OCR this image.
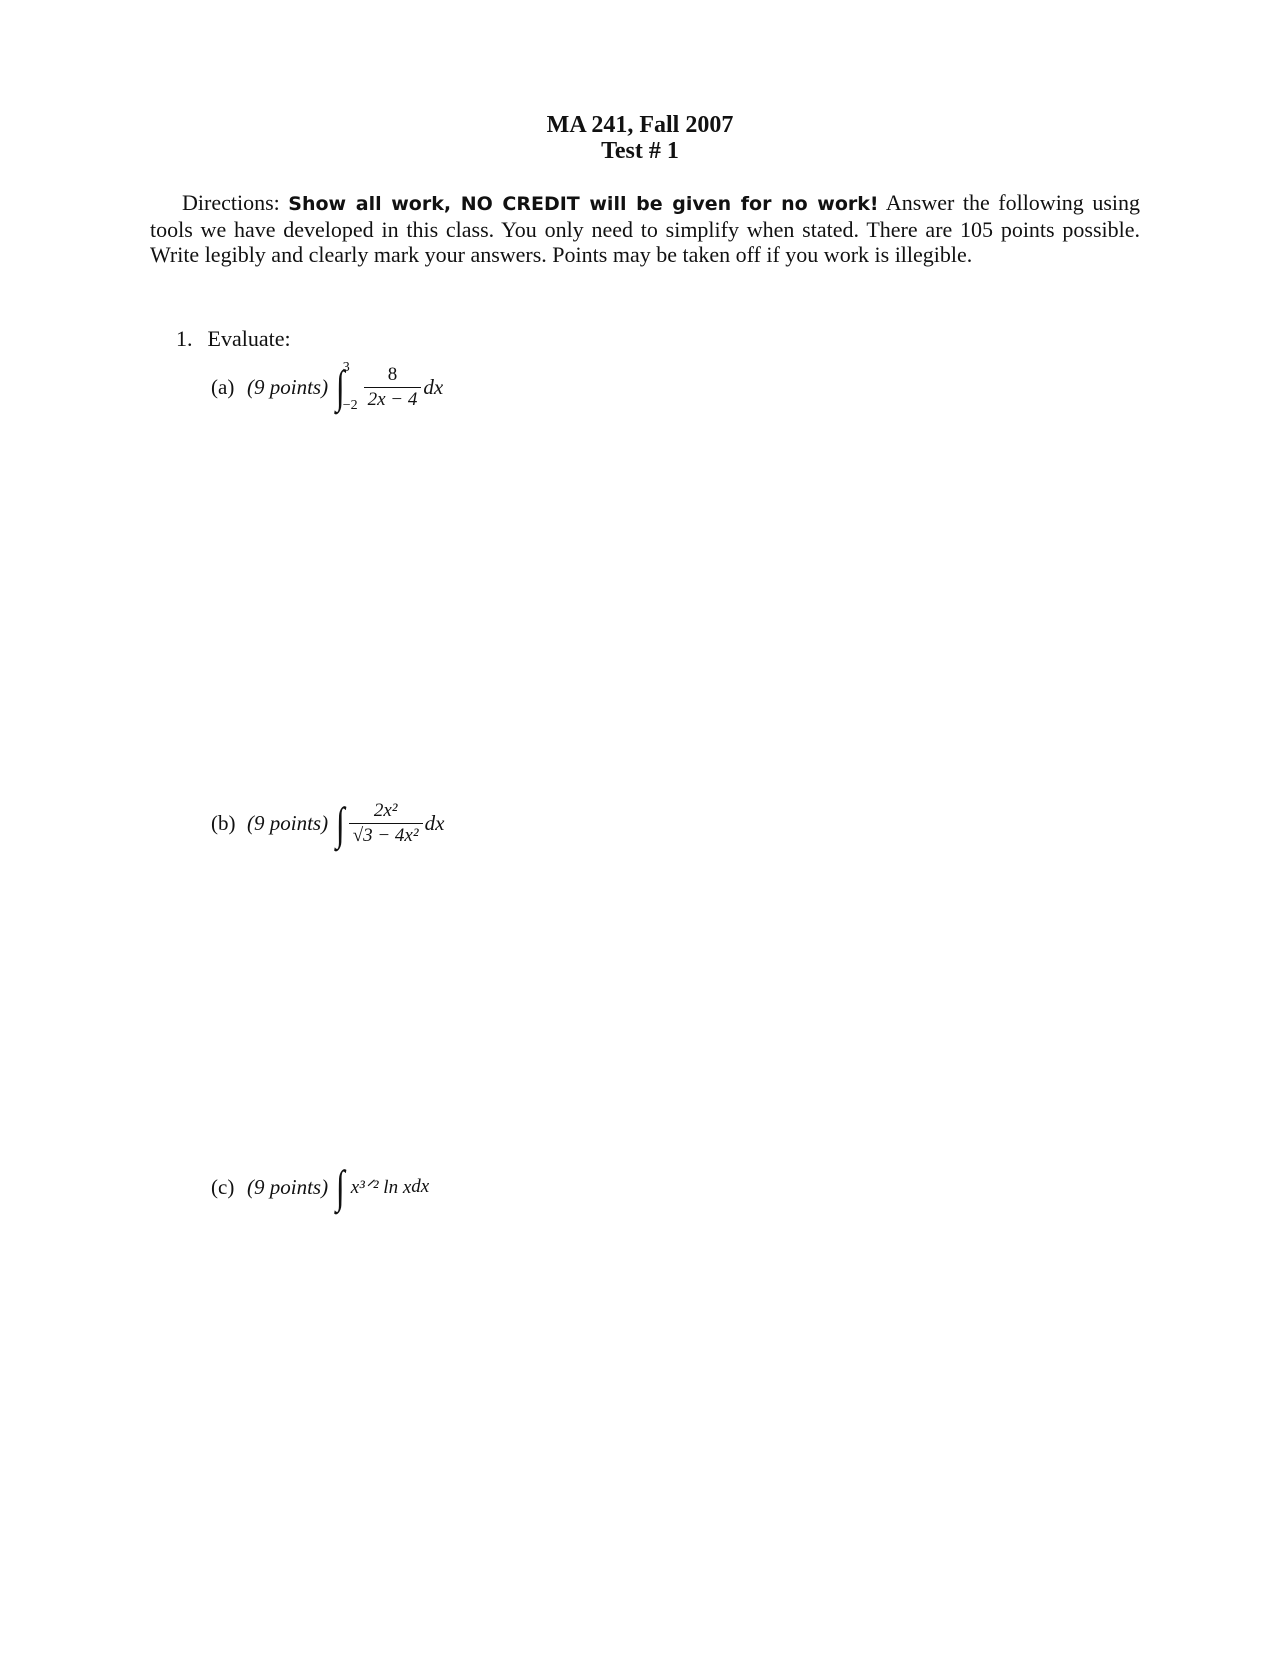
MA 241, Fall 2007
Test # 1
Directions: Show all work, NO CREDIT will be given for no work! Answer the following using tools we have developed in this class. You only need to simplify when stated. There are 105 points possible. Write legibly and clearly mark your answers. Points may be taken off if you work is illegible.
1. Evaluate:
(a) (9 points) ∫
3
$-2 \frac{8}{2x - 4}$ dx
(b) (9 points) ∫ $\frac{\text{2x²}}{\text{√3 − 4x²}}$ dx
(c) (9 points) ∫ x³ᐟ² ln x dx
